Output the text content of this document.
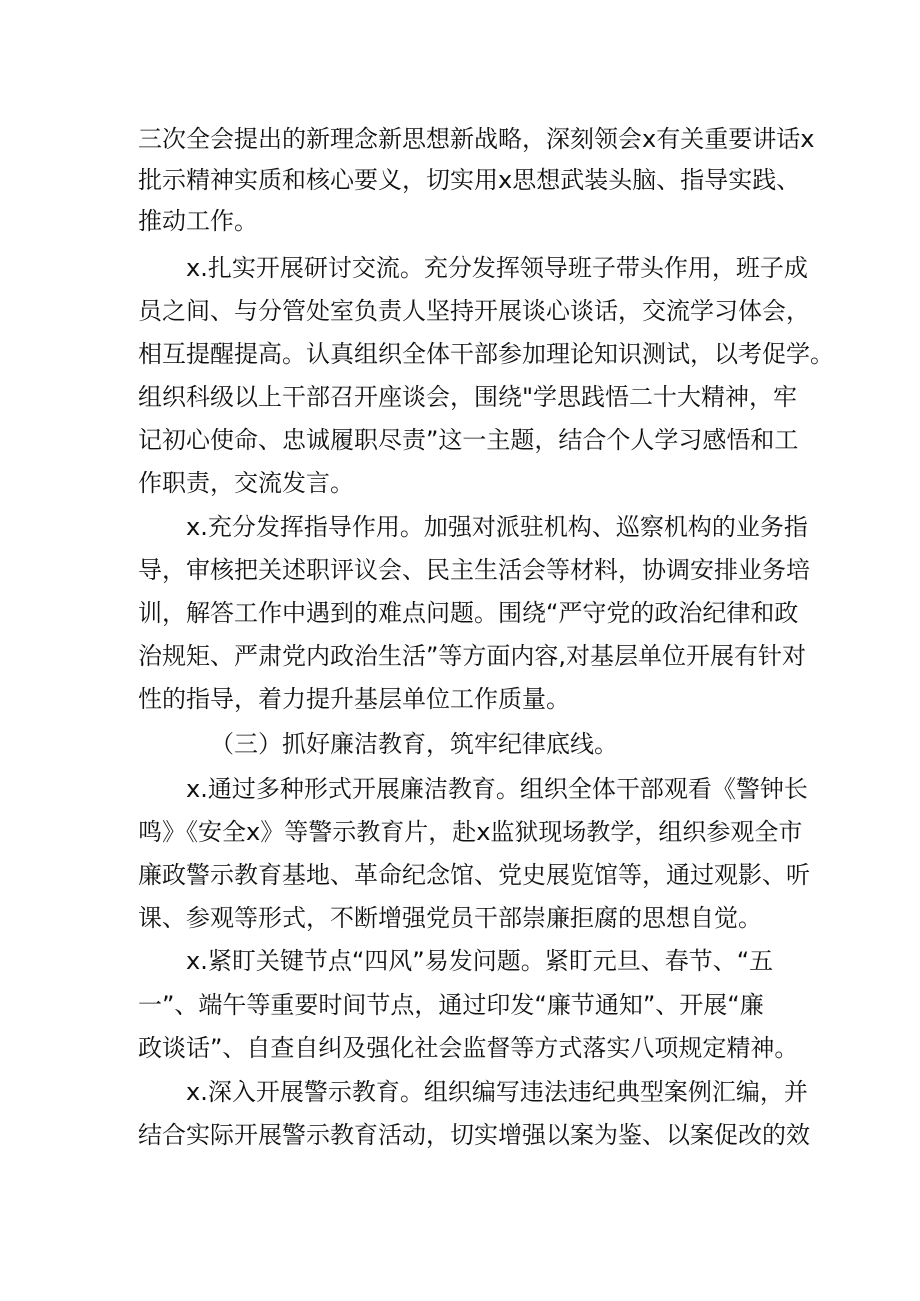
三次全会提出的新理念新思想新战略，深刻领会x有关重要讲话x
批示精神实质和核心要义，切实用x思想武装头脑、指导实践、
推动工作。
x.扎实开展研讨交流。充分发挥领导班子带头作用，班子成
员之间、与分管处室负责人坚持开展谈心谈话，交流学习体会，
相互提醒提高。认真组织全体干部参加理论知识测试，以考促学。
组织科级以上干部召开座谈会，围绕"学思践悟二十大精神，牢
记初心使命、忠诚履职尽责”这一主题，结合个人学习感悟和工
作职责，交流发言。
x.充分发挥指导作用。加强对派驻机构、巡察机构的业务指
导，审核把关述职评议会、民主生活会等材料，协调安排业务培
训，解答工作中遇到的难点问题。围绕“严守党的政治纪律和政
治规矩、严肃党内政治生活”等方面内容,对基层单位开展有针对
性的指导，着力提升基层单位工作质量。
（三）抓好廉洁教育，筑牢纪律底线。
x.通过多种形式开展廉洁教育。组织全体干部观看《警钟长
鸣》《安全x》等警示教育片，赴x监狱现场教学，组织参观全市
廉政警示教育基地、革命纪念馆、党史展览馆等，通过观影、听
课、参观等形式，不断增强党员干部崇廉拒腐的思想自觉。
x.紧盯关键节点“四风”易发问题。紧盯元旦、春节、“五
一”、端午等重要时间节点，通过印发“廉节通知”、开展“廉
政谈话”、自查自纠及强化社会监督等方式落实八项规定精神。
x.深入开展警示教育。组织编写违法违纪典型案例汇编，并
结合实际开展警示教育活动，切实增强以案为鉴、以案促改的效
